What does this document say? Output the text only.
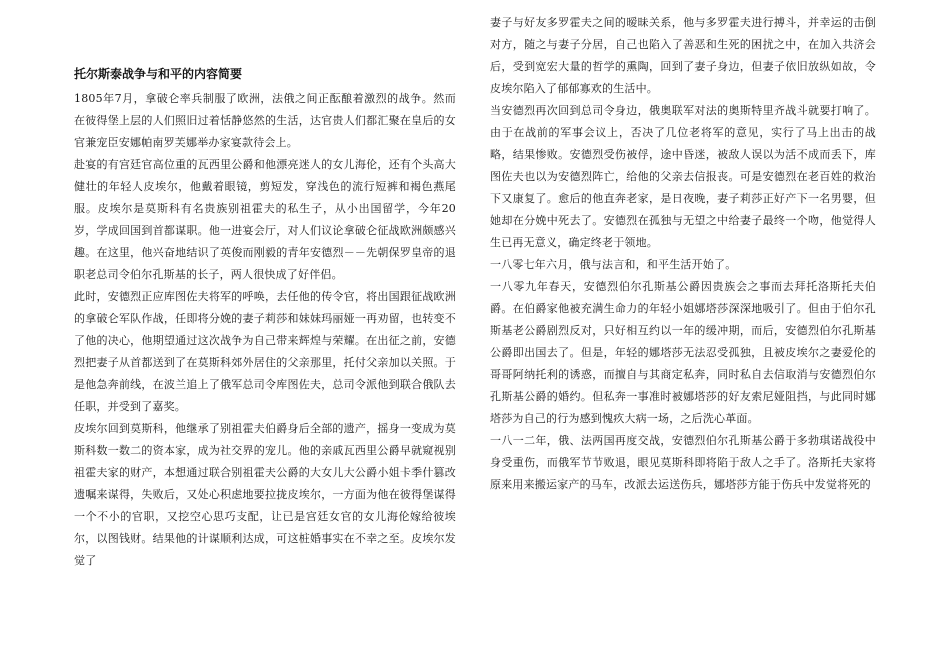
托尔斯泰战争与和平的内容简要

1805年7月，拿破仑率兵制服了欧洲，法俄之间正酝酿着激烈的战争。然而在彼得堡上层的人们照旧过着恬静悠然的生活，达官贵人们都汇聚在皇后的女官兼宠臣安娜帕南罗芙娜举办家宴款待会上。

赴宴的有宫廷官高位重的瓦西里公爵和他漂亮迷人的女儿海伦，还有个头高大健壮的年轻人皮埃尔，他戴着眼镜，剪短发，穿浅色的流行短裤和褐色燕尾服。皮埃尔是莫斯科有名贵族别祖霍夫的私生子，从小出国留学，今年20岁，学成回国到首都谋职。他一进宴会厅，对人们议论拿破仑征战欧洲颇感兴趣。在这里，他兴奋地结识了英俊而刚毅的青年安德烈－－先朝保罗皇帝的退职老总司令伯尔孔斯基的长子，两人很快成了好伴侣。

此时，安德烈正应库图佐夫将军的呼唤，去任他的传令官，将出国跟征战欧洲的拿破仑军队作战，任即将分娩的妻子莉莎和妹妹玛丽娅一再劝留，也转变不了他的决心，他期望通过这次战争为自己带来辉煌与荣耀。在出征之前，安德烈把妻子从首都送到了在莫斯科郊外居住的父亲那里，托付父亲加以关照。于是他急奔前线，在波兰追上了俄军总司令库图佐夫，总司令派他到联合俄队去任职，并受到了嘉奖。

皮埃尔回到莫斯科，他继承了别祖霍夫伯爵身后全部的遗产，摇身一变成为莫斯科数一数二的资本家，成为社交界的宠儿。他的亲戚瓦西里公爵早就窥视别祖霍夫家的财产，本想通过联合别祖霍夫公爵的大女儿大公爵小姐卡季什篡改遗嘱来谋得，失败后，又处心积虑地要拉拢皮埃尔，一方面为他在彼得堡谋得一个不小的官职，又挖空心思巧支配，让已是宫廷女官的女儿海伦嫁给彼埃尔，以图钱财。结果他的计谋顺利达成，可这桩婚事实在不幸之至。皮埃尔发觉了

妻子与好友多罗霍夫之间的暧昧关系，他与多罗霍夫进行搏斗，并幸运的击倒对方，随之与妻子分居，自己也陷入了善恶和生死的困扰之中，在加入共济会后，受到宽宏大量的哲学的熏陶，回到了妻子身边，但妻子依旧放纵如故，令皮埃尔陷入了郁郁寡欢的生活中。

当安德烈再次回到总司令身边，俄奥联军对法的奥斯特里齐战斗就要打响了。由于在战前的军事会议上，否决了几位老将军的意见，实行了马上出击的战略，结果惨败。安德烈受伤被俘，途中昏迷，被敌人误以为活不成而丢下，库图佐夫也以为安德烈阵亡，给他的父亲去信报丧。可是安德烈在老百姓的救治下又康复了。愈后的他直奔老家，是日夜晚，妻子莉莎正好产下一名男婴，但她却在分娩中死去了。安德烈在孤独与无望之中给妻子最终一个吻，他觉得人生已再无意义，确定终老于领地。

一八零七年六月，俄与法言和，和平生活开始了。

一八零九年春天，安德烈伯尔孔斯基公爵因贵族会之事而去拜托洛斯托夫伯爵。在伯爵家他被充满生命力的年轻小姐娜塔莎深深地吸引了。但由于伯尔孔斯基老公爵剧烈反对，只好相互约以一年的缓冲期，而后，安德烈伯尔孔斯基公爵即出国去了。但是，年轻的娜塔莎无法忍受孤独，且被皮埃尔之妻爱伦的哥哥阿纳托利的诱惑，而擅自与其商定私奔，同时私自去信取消与安德烈伯尔孔斯基公爵的婚约。但私奔一事准时被娜塔莎的好友索尼娅阻挡，与此同时娜塔莎为自己的行为感到愧疚大病一场，之后洗心革面。

一八一二年，俄、法两国再度交战，安德烈伯尔孔斯基公爵于多勃琪诺战役中身受重伤，而俄军节节败退，眼见莫斯科即将陷于敌人之手了。洛斯托夫家将原来用来搬运家产的马车，改派去运送伤兵，娜塔莎方能于伤兵中发觉将死的
